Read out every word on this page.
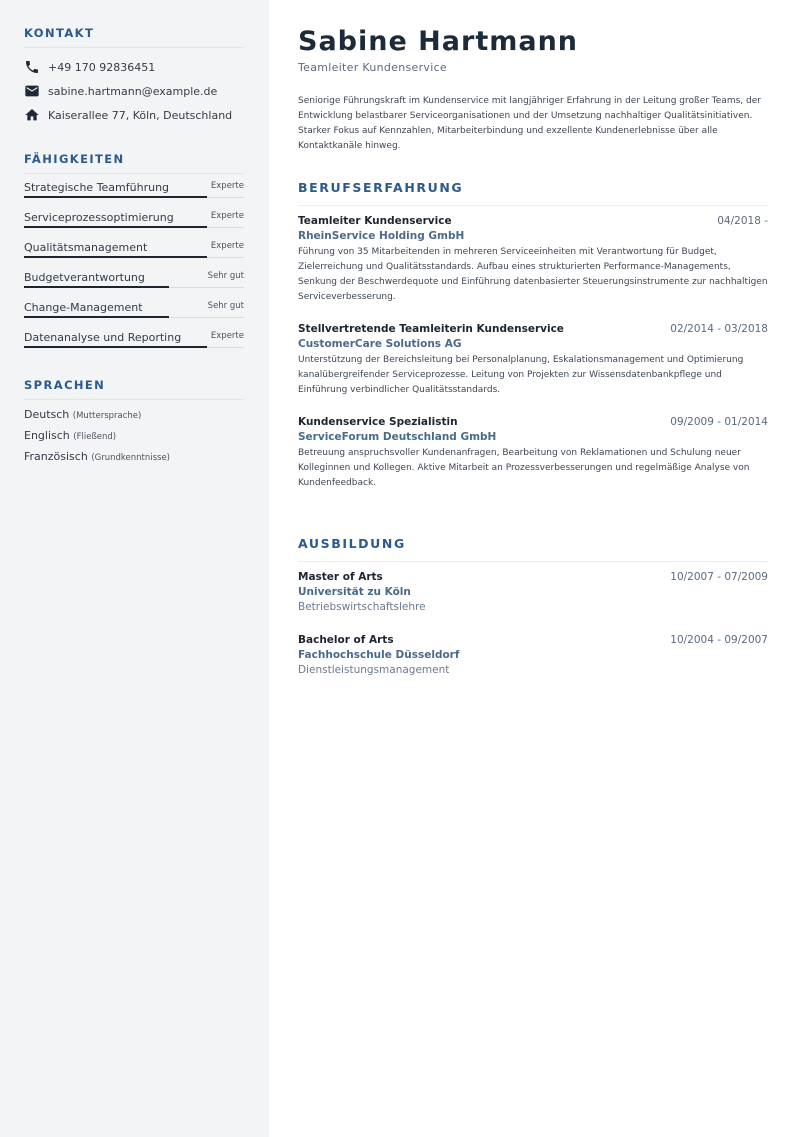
KONTAKT
+49 170 92836451
sabine.hartmann@example.de
Kaiserallee 77, Köln, Deutschland
FÄHIGKEITEN
Strategische Teamführung	Experte
Serviceprozessoptimierung	Experte
Qualitätsmanagement	Experte
Budgetverantwortung	Sehr gut
Change-Management	Sehr gut
Datenanalyse und Reporting	Experte
SPRACHEN
Deutsch (Muttersprache)
Englisch (Fließend)
Französisch (Grundkenntnisse)
Sabine Hartmann
Teamleiter Kundenservice
Seniorige Führungskraft im Kundenservice mit langjähriger Erfahrung in der Leitung großer Teams, der Entwicklung belastbarer Serviceorganisationen und der Umsetzung nachhaltiger Qualitätsinitiativen. Starker Fokus auf Kennzahlen, Mitarbeiterbindung und exzellente Kundenerlebnisse über alle Kontaktkanäle hinweg.
BERUFSERFAHRUNG
Teamleiter Kundenservice	04/2018 -
RheinService Holding GmbH
Führung von 35 Mitarbeitenden in mehreren Serviceeinheiten mit Verantwortung für Budget, Zielerreichung und Qualitätsstandards. Aufbau eines strukturierten Performance-Managements, Senkung der Beschwerdequote und Einführung datenbasierter Steuerungsinstrumente zur nachhaltigen Serviceverbesserung.
Stellvertretende Teamleiterin Kundenservice	02/2014 - 03/2018
CustomerCare Solutions AG
Unterstützung der Bereichsleitung bei Personalplanung, Eskalationsmanagement und Optimierung kanalübergreifender Serviceprozesse. Leitung von Projekten zur Wissensdatenbankpflege und Einführung verbindlicher Qualitätsstandards.
Kundenservice Spezialistin	09/2009 - 01/2014
ServiceForum Deutschland GmbH
Betreuung anspruchsvoller Kundenanfragen, Bearbeitung von Reklamationen und Schulung neuer Kolleginnen und Kollegen. Aktive Mitarbeit an Prozessverbesserungen und regelmäßige Analyse von Kundenfeedback.
AUSBILDUNG
Master of Arts	10/2007 - 07/2009
Universität zu Köln
Betriebswirtschaftslehre
Bachelor of Arts	10/2004 - 09/2007
Fachhochschule Düsseldorf
Dienstleistungsmanagement
